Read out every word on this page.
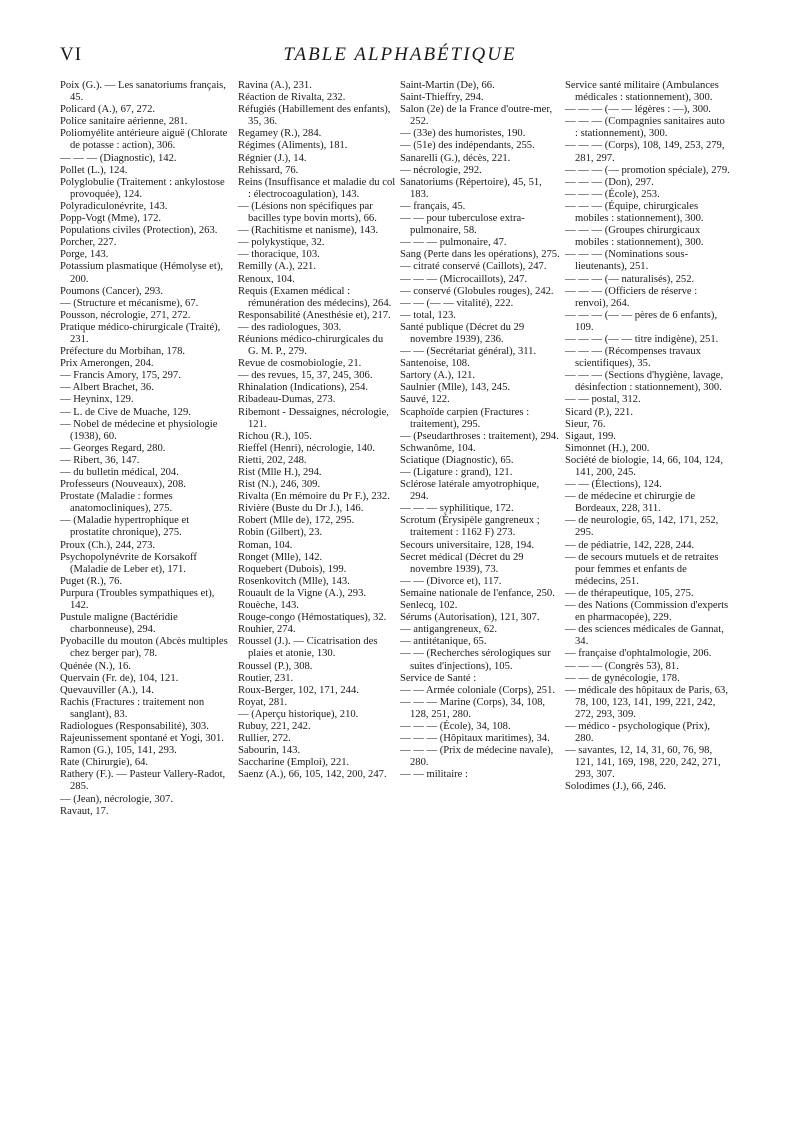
VI	TABLE ALPHABÉTIQUE
Poix (G.). — Les sanatoriums français, 45.
Policard (A.), 67, 272.
Police sanitaire aérienne, 281.
Poliomyélite antérieure aiguë (Chlorate de potasse : action), 306.
— — — (Diagnostic), 142.
Pollet (L.), 124.
Polyglobulie (Traitement : ankylostose provoquée), 124.
Polyradiculonévrite, 143.
Popp-Vogt (Mme), 172.
Populations civiles (Protection), 263.
Porcher, 227.
Porge, 143.
Potassium plasmatique (Hémolyse et), 200.
Poumons (Cancer), 293.
— (Structure et mécanisme), 67.
Pousson, nécrologie, 271, 272.
Pratique médico-chirurgicale (Traité), 231.
Préfecture du Morbihan, 178.
Prix Amerongen, 204.
— Francis Amory, 175, 297.
— Albert Brachet, 36.
— Heyninx, 129.
— L. de Cive de Muache, 129.
— Nobel de médecine et physiologie (1938), 60.
— Georges Regard, 280.
— Ribert, 36, 147.
— du bulletin médical, 204.
Professeurs (Nouveaux), 208.
Prostate (Maladie : formes anatomocliniques), 275.
— (Maladie hypertrophique et prostatite chronique), 275.
Proux (Ch.), 244, 273.
Psychopolynévrite de Korsakoff (Maladie de Leber et), 171.
Puget (R.), 76.
Purpura (Troubles sympathiques et), 142.
Pustule maligne (Bactéridie charbonneuse), 294.
Pyobacille du mouton (Abcès multiples chez berger par), 78.
Quénée (N.), 16.
Quervain (Fr. de), 104, 121.
Quevauviller (A.), 14.
Rachis (Fractures : traitement non sanglant), 83.
Radiologues (Responsabilité), 303.
Rajeunissement spontané et Yogi, 301.
Ramon (G.), 105, 141, 293.
Rate (Chirurgie), 64.
Rathery (F.). — Pasteur Vallery-Radot, 285.
— (Jean), nécrologie, 307.
Ravaut, 17.
Ravina (A.), 231.
Réaction de Rivalta, 232.
Réfugiés (Habillement des enfants), 35, 36.
Regamey (R.), 284.
Régimes (Aliments), 181.
Régnier (J.), 14.
Rehissard, 76.
Reins (Insuffisance et maladie du col : électrocoagulation), 143.
— (Lésions non spécifiques par bacilles type bovin morts), 66.
— (Rachitisme et nanisme), 143.
— polykystique, 32.
— thoracique, 103.
Remilly (A.), 221.
Renoux, 104.
Requis (Examen médical : rémunération des médecins), 264.
Responsabilité (Anesthésie et), 217.
— des radiologues, 303.
Réunions médico-chirurgicales du G. M. P., 279.
Revue de cosmobiologie, 21.
— des revues, 15, 37, 245, 306.
Rhinalation (Indications), 254.
Ribadeau-Dumas, 273.
Ribemont - Dessaignes, nécrologie, 121.
Richou (R.), 105.
Rieffel (Henri), nécrologie, 140.
Rietti, 202, 248.
Rist (Mlle H.), 294.
Rist (N.), 246, 309.
Rivalta (En mémoire du Pr F.), 232.
Rivière (Buste du Dr J.), 146.
Robert (Mlle de), 172, 295.
Robin (Gilbert), 23.
Roman, 104.
Ronget (Mlle), 142.
Roquebert (Dubois), 199.
Rosenkovitch (Mlle), 143.
Rouault de la Vigne (A.), 293.
Rouèche, 143.
Rouge-congo (Hémostatiques), 32.
Rouhier, 274.
Roussel (J.). — Cicatrisation des plaies et atonie, 130.
Roussel (P.), 308.
Routier, 231.
Roux-Berger, 102, 171, 244.
Royat, 281.
— (Aperçu historique), 210.
Rubuy, 221, 242.
Rullier, 272.
Sabourin, 143.
Saccharine (Emploi), 221.
Saenz (A.), 66, 105, 142, 200, 247.
Saint-Martin (De), 66.
Saint-Thieffry, 294.
Salon (2e) de la France d'outre-mer, 252.
— (33e) des humoristes, 190.
— (51e) des indépendants, 255.
Sanarelli (G.), décès, 221.
— nécrologie, 292.
Sanatoriums (Répertoire), 45, 51, 183.
— français, 45.
— — pour tuberculose extra-pulmonaire, 58.
— — — pulmonaire, 47.
Sang (Perte dans les opérations), 275.
— citraté conservé (Caillots), 247.
— — — (Microcaillots), 247.
— conservé (Globules rouges), 242.
— — (— — vitalité), 222.
— total, 123.
Santé publique (Décret du 29 novembre 1939), 236.
— — (Secrétariat général), 311.
Santenoise, 108.
Sartory (A.), 121.
Saulnier (Mlle), 143, 245.
Sauvé, 122.
Scaphoïde carpien (Fractures : traitement), 295.
— (Pseudarthroses : traitement), 294.
Schwanôme, 104.
Sciatique (Diagnostic), 65.
— (Ligature : grand), 121.
Sclérose latérale amyotrophique, 294.
— — — syphilitique, 172.
Scrotum (Érysipèle gangreneux ; traitement : 1162 F) 273.
Secours universitaire, 128, 194.
Secret médical (Décret du 29 novembre 1939), 73.
— — (Divorce et), 117.
Semaine nationale de l'enfance, 250.
Senlecq, 102.
Sérums (Autorisation), 121, 307.
— antigangreneux, 62.
— antitétanique, 65.
— — (Recherches sérologiques sur suites d'injections), 105.
Service de Santé :
— — Armée coloniale (Corps), 251.
— — — Marine (Corps), 34, 108, 128, 251, 280.
— — — (École), 34, 108.
— — — (Hôpitaux maritimes), 34.
— — — (Prix de médecine navale), 280.
— — militaire :
Service santé militaire (Ambulances médicales : stationnement), 300.
— — — (— — légères : —), 300.
— — — (Compagnies sanitaires auto : stationnement), 300.
— — — (Corps), 108, 149, 253, 279, 281, 297.
— — — (— promotion spéciale), 279.
— — — (Don), 297.
— — — (École), 253.
— — — (Équipe, chirurgicales mobiles : stationnement), 300.
— — — (Groupes chirurgicaux mobiles : stationnement), 300.
— — — (Nominations sous-lieutenants), 251.
— — — (— naturalisés), 252.
— — — (Officiers de réserve : renvoi), 264.
— — — (— — pères de 6 enfants), 109.
— — — (— — titre indigène), 251.
— — — (Récompenses travaux scientifiques), 35.
— — — (Sections d'hygiène, lavage, désinfection : stationnement), 300.
— — postal, 312.
Sicard (P.), 221.
Sieur, 76.
Sigaut, 199.
Simonnet (H.), 200.
Société de biologie, 14, 66, 104, 124, 141, 200, 245.
— — (Élections), 124.
— de médecine et chirurgie de Bordeaux, 228, 311.
— de neurologie, 65, 142, 171, 252, 295.
— de pédiatrie, 142, 228, 244.
— de secours mutuels et de retraites pour femmes et enfants de médecins, 251.
— de thérapeutique, 105, 275.
— des Nations (Commission d'experts en pharmacopée), 229.
— des sciences médicales de Gannat, 34.
— française d'ophtalmologie, 206.
— — — (Congrès 53), 81.
— — de gynécologie, 178.
— médicale des hôpitaux de Paris, 63, 78, 100, 123, 141, 199, 221, 242, 272, 293, 309.
— médico - psychologique (Prix), 280.
— savantes, 12, 14, 31, 60, 76, 98, 121, 141, 169, 198, 220, 242, 271, 293, 307.
Solodimes (J.), 66, 246.
